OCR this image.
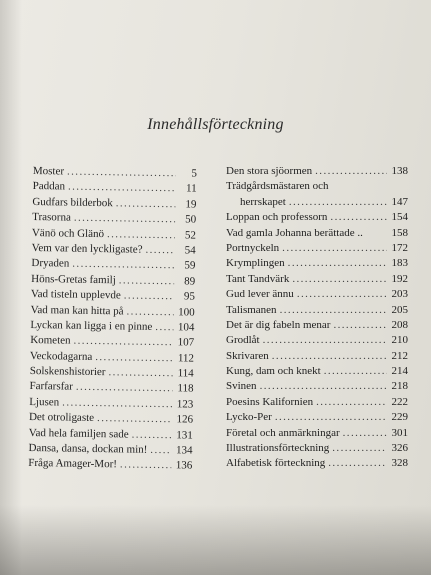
Innehållsförteckning
Moster .....	5
Paddan .....	11
Gudfars bilderbok .....	19
Trasorna .....	50
Vänö och Glänö .....	52
Vem var den lyckligaste? .....	54
Dryaden .....	59
Höns-Gretas familj .....	89
Vad tisteln upplevde .....	95
Vad man kan hitta på .....	100
Lyckan kan ligga i en pinne ..... 104
Kometen .....	107
Veckodagarna .....	112
Solskenshistorier .....	114
Farfarsfar .....	118
Ljusen .....	123
Det otroligaste .....	126
Vad hela familjen sade .....	131
Dansa, dansa, dockan min! .....	134
Fråga Amager-Mor! .....	136
Den stora sjöormen .....	138
Trädgårdsmästaren och
herrskapet .....	147
Loppan och professorn .....	154
Vad gamla Johanna berättade ..	158
Portnyckeln .....	172
Krymplingen .....	183
Tant Tandvärk .....	192
Gud lever ännu .....	203
Talismanen .....	205
Det är dig fabeln menar .....	208
Grodlåt .....	210
Skrivaren .....	212
Kung, dam och knekt .....	214
Svinen .....	218
Poesins Kalifornien .....	222
Lycko-Per .....	229
Företal och anmärkningar .....	301
Illustrationsförteckning .....	326
Alfabetisk förteckning .....	328
